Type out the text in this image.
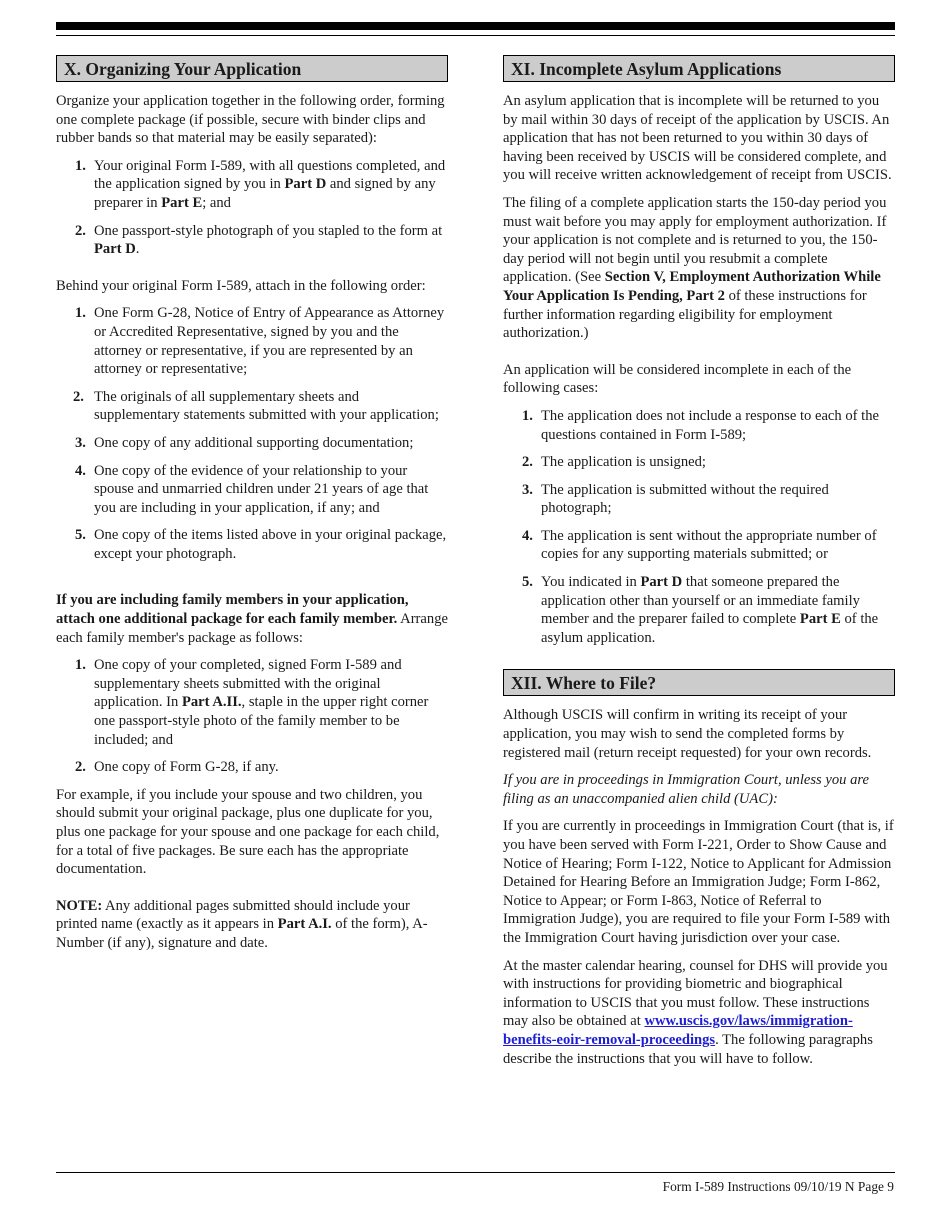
X. Organizing Your Application

Organize your application together in the following order, forming one complete package (if possible, secure with binder clips and rubber bands so that material may be easily separated):

1. Your original Form I-589, with all questions completed, and the application signed by you in Part D and signed by any preparer in Part E; and
2. One passport-style photograph of you stapled to the form at Part D.

Behind your original Form I-589, attach in the following order:

1. One Form G-28, Notice of Entry of Appearance as Attorney or Accredited Representative, signed by you and the attorney or representative, if you are represented by an attorney or representative;
2. The originals of all supplementary sheets and supplementary statements submitted with your application;
3. One copy of any additional supporting documentation;
4. One copy of the evidence of your relationship to your spouse and unmarried children under 21 years of age that you are including in your application, if any; and
5. One copy of the items listed above in your original package, except your photograph.

If you are including family members in your application, attach one additional package for each family member. Arrange each family member's package as follows:

1. One copy of your completed, signed Form I-589 and supplementary sheets submitted with the original application. In Part A.II., staple in the upper right corner one passport-style photo of the family member to be included; and
2. One copy of Form G-28, if any.

For example, if you include your spouse and two children, you should submit your original package, plus one duplicate for you, plus one package for your spouse and one package for each child, for a total of five packages. Be sure each has the appropriate documentation.

NOTE: Any additional pages submitted should include your printed name (exactly as it appears in Part A.I. of the form), A-Number (if any), signature and date.

XI. Incomplete Asylum Applications

An asylum application that is incomplete will be returned to you by mail within 30 days of receipt of the application by USCIS. An application that has not been returned to you within 30 days of having been received by USCIS will be considered complete, and you will receive written acknowledgement of receipt from USCIS.

The filing of a complete application starts the 150-day period you must wait before you may apply for employment authorization. If your application is not complete and is returned to you, the 150-day period will not begin until you resubmit a complete application. (See Section V, Employment Authorization While Your Application Is Pending, Part 2 of these instructions for further information regarding eligibility for employment authorization.)

An application will be considered incomplete in each of the following cases:

1. The application does not include a response to each of the questions contained in Form I-589;
2. The application is unsigned;
3. The application is submitted without the required photograph;
4. The application is sent without the appropriate number of copies for any supporting materials submitted; or
5. You indicated in Part D that someone prepared the application other than yourself or an immediate family member and the preparer failed to complete Part E of the asylum application.
XII. Where to File?

Although USCIS will confirm in writing its receipt of your application, you may wish to send the completed forms by registered mail (return receipt requested) for your own records.

If you are in proceedings in Immigration Court, unless you are filing as an unaccompanied alien child (UAC):

If you are currently in proceedings in Immigration Court (that is, if you have been served with Form I-221, Order to Show Cause and Notice of Hearing; Form I-122, Notice to Applicant for Admission Detained for Hearing Before an Immigration Judge; Form I-862, Notice to Appear; or Form I-863, Notice of Referral to Immigration Judge), you are required to file your Form I-589 with the Immigration Court having jurisdiction over your case.

At the master calendar hearing, counsel for DHS will provide you with instructions for providing biometric and biographical information to USCIS that you must follow. These instructions may also be obtained at www.uscis.gov/laws/immigration-benefits-eoir-removal-proceedings. The following paragraphs describe the instructions that you will have to follow.

Form I-589 Instructions 09/10/19 N Page 9
